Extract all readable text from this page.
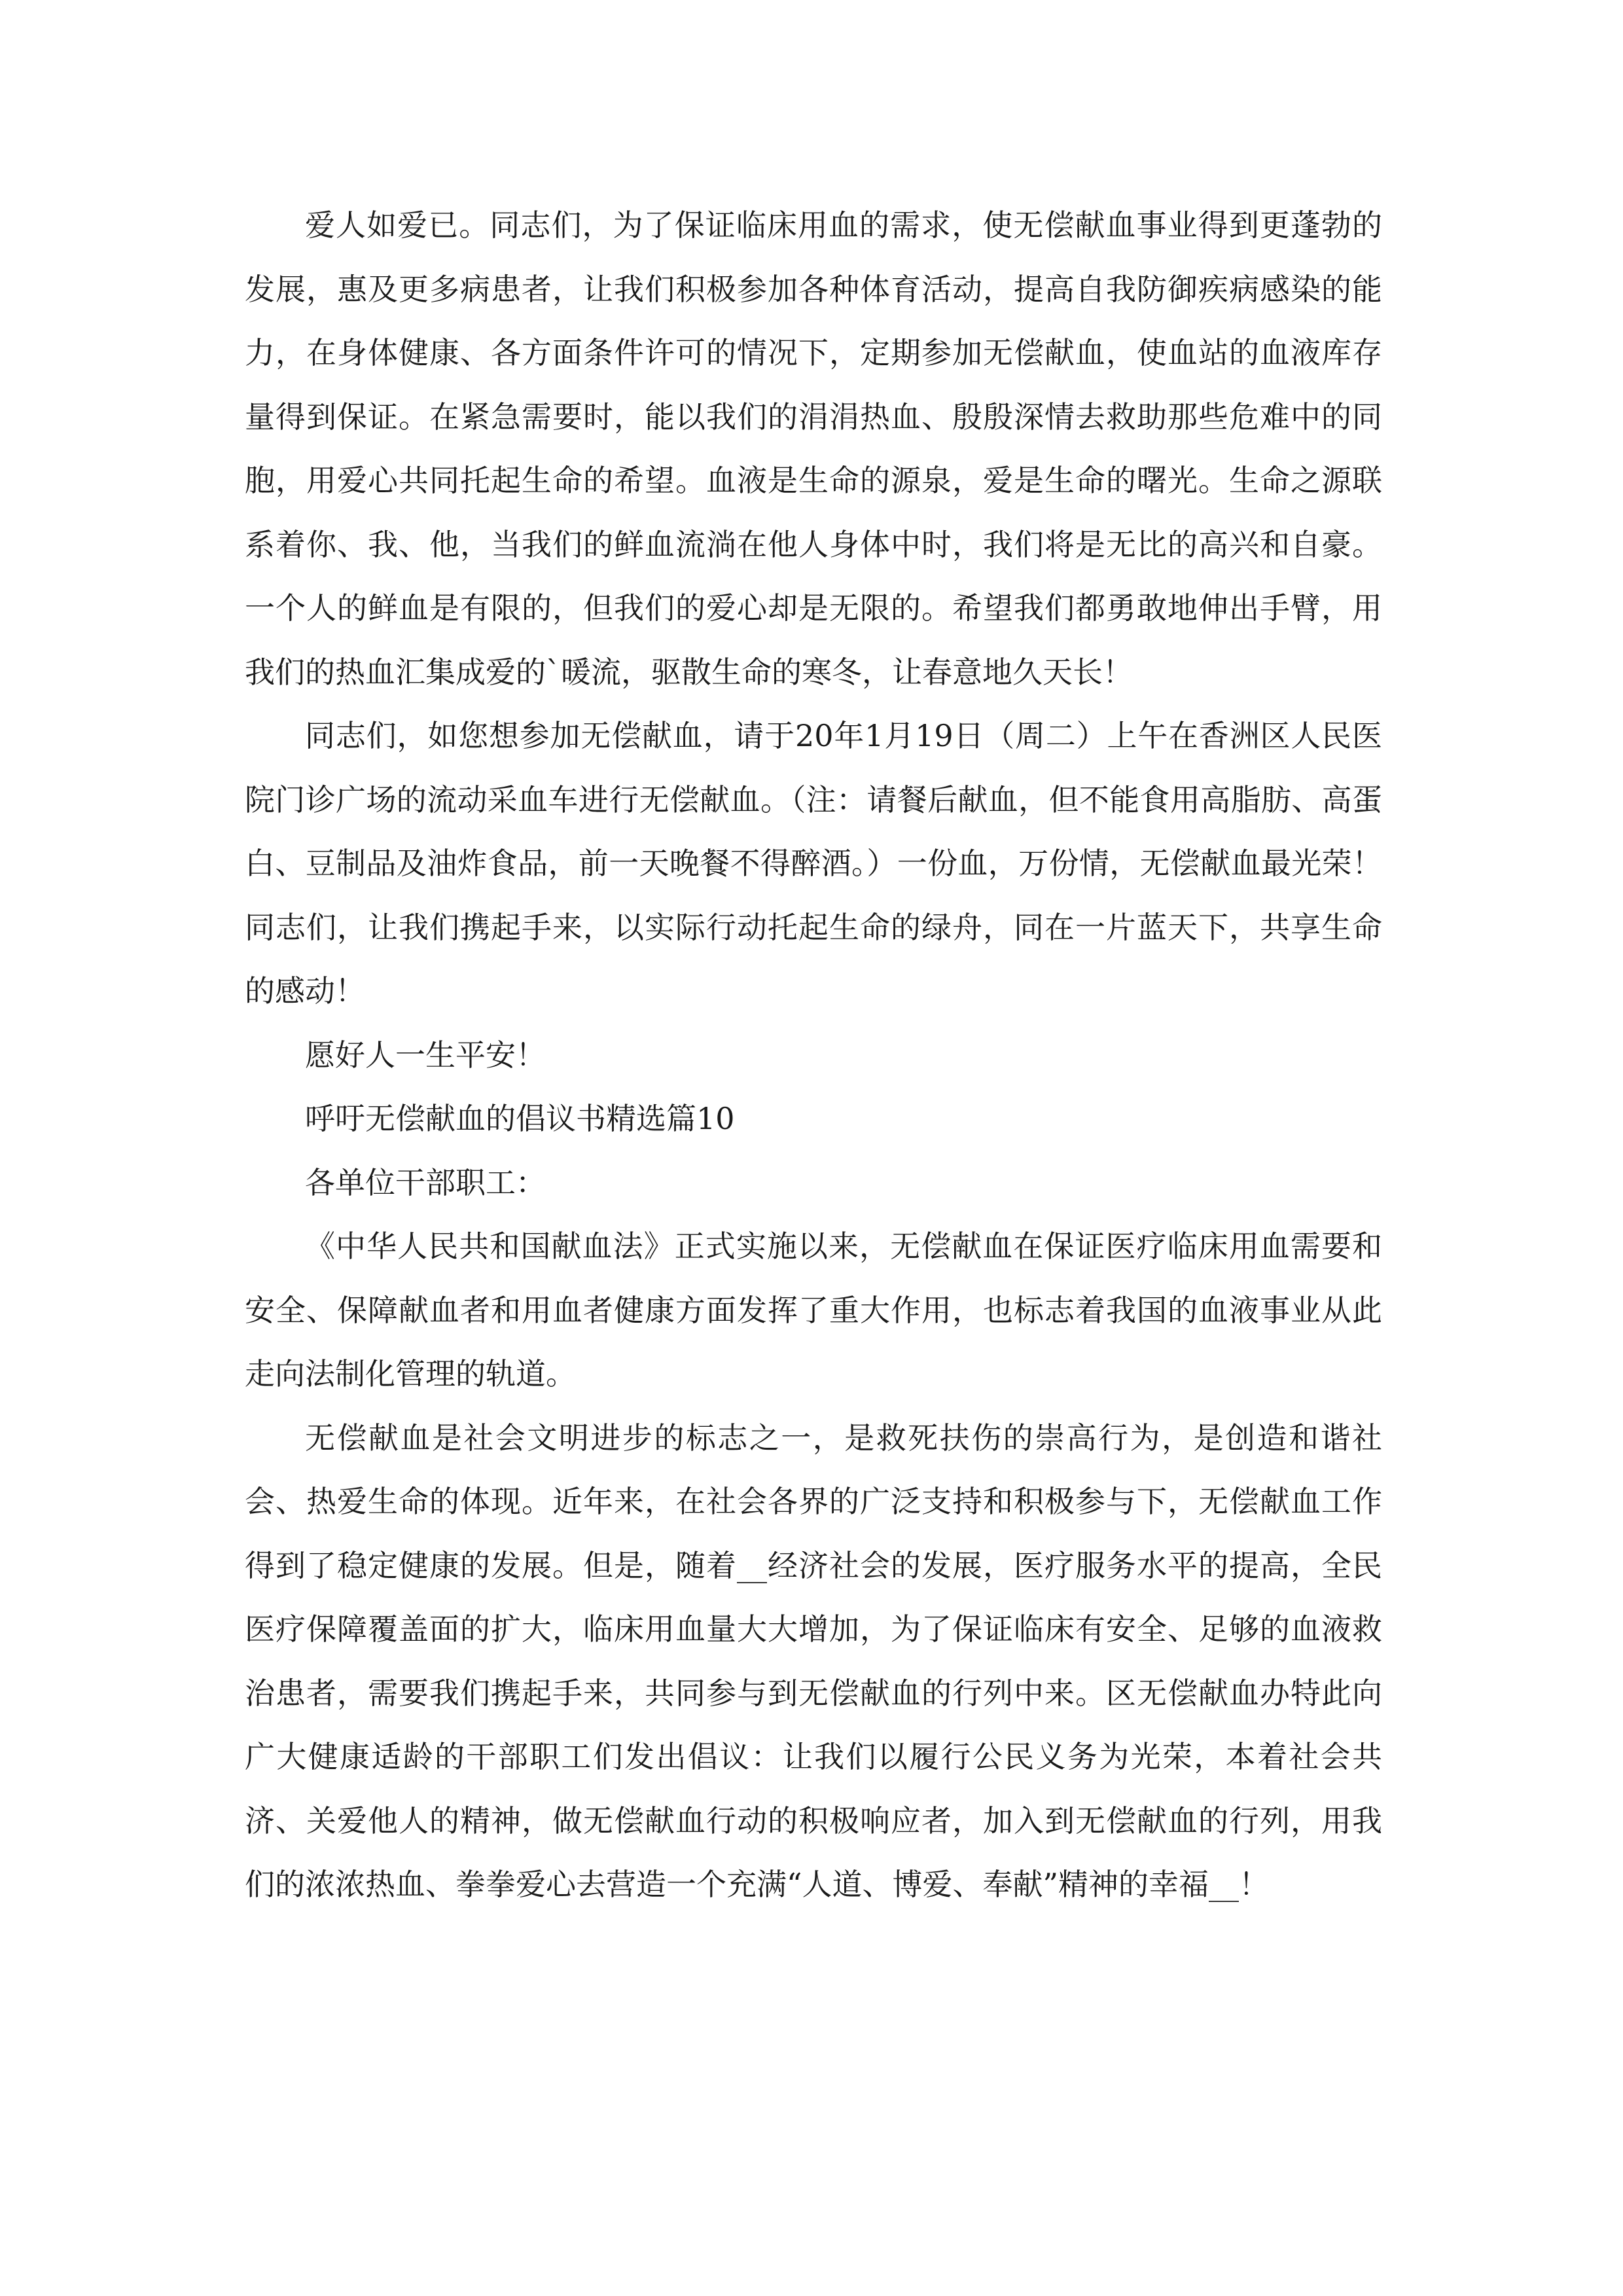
爱人如爱已。同志们，为了保证临床用血的需求，使无偿献血事业得到更蓬勃的发展，惠及更多病患者，让我们积极参加各种体育活动，提高自我防御疾病感染的能力，在身体健康、各方面条件许可的情况下，定期参加无偿献血，使血站的血液库存量得到保证。在紧急需要时，能以我们的涓涓热血、殷殷深情去救助那些危难中的同胞，用爱心共同托起生命的希望。血液是生命的源泉，爱是生命的曙光。生命之源联系着你、我、他，当我们的鲜血流淌在他人身体中时，我们将是无比的高兴和自豪。一个人的鲜血是有限的，但我们的爱心却是无限的。希望我们都勇敢地伸出手臂，用我们的热血汇集成爱的`暖流，驱散生命的寒冬，让春意地久天长！

同志们，如您想参加无偿献血，请于20年1月19日（周二）上午在香洲区人民医院门诊广场的流动采血车进行无偿献血。（注：请餐后献血，但不能食用高脂肪、高蛋白、豆制品及油炸食品，前一天晚餐不得醉酒。）一份血，万份情，无偿献血最光荣！同志们，让我们携起手来，以实际行动托起生命的绿舟，同在一片蓝天下，共享生命的感动！

愿好人一生平安！

呼吁无偿献血的倡议书精选篇10

各单位干部职工：

《中华人民共和国献血法》正式实施以来，无偿献血在保证医疗临床用血需要和安全、保障献血者和用血者健康方面发挥了重大作用，也标志着我国的血液事业从此走向法制化管理的轨道。

无偿献血是社会文明进步的标志之一，是救死扶伤的崇高行为，是创造和谐社会、热爱生命的体现。近年来，在社会各界的广泛支持和积极参与下，无偿献血工作得到了稳定健康的发展。但是，随着__经济社会的发展，医疗服务水平的提高，全民医疗保障覆盖面的扩大，临床用血量大大增加，为了保证临床有安全、足够的血液救治患者，需要我们携起手来，共同参与到无偿献血的行列中来。区无偿献血办特此向广大健康适龄的干部职工们发出倡议：让我们以履行公民义务为光荣，本着社会共济、关爱他人的精神，做无偿献血行动的积极响应者，加入到无偿献血的行列，用我们的浓浓热血、拳拳爱心去营造一个充满“人道、博爱、奉献”精神的幸福__！
